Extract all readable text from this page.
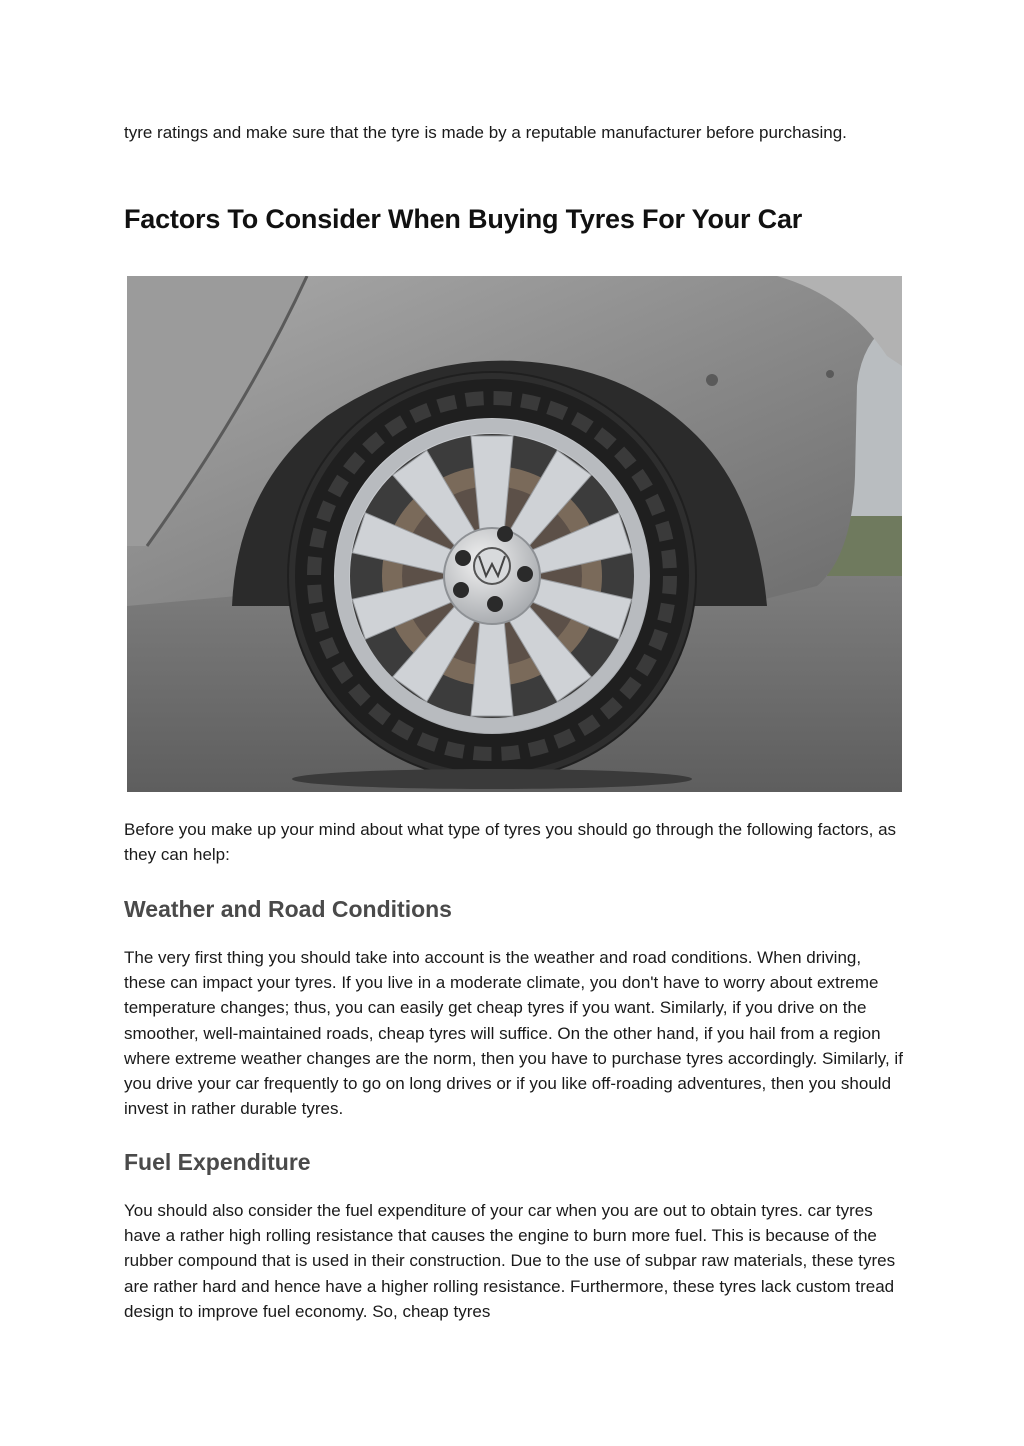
tyre ratings and make sure that the tyre is made by a reputable manufacturer before purchasing.

Factors To Consider When Buying Tyres For Your Car

Before you make up your mind about what type of tyres you should go through the following factors, as they can help:

Weather and Road Conditions

The very first thing you should take into account is the weather and road conditions. When driving, these can impact your tyres. If you live in a moderate climate, you don't have to worry about extreme temperature changes; thus, you can easily get cheap tyres if you want. Similarly, if you drive on the smoother, well-maintained roads, cheap tyres will suffice. On the other hand, if you hail from a region where extreme weather changes are the norm, then you have to purchase tyres accordingly. Similarly, if you drive your car frequently to go on long drives or if you like off-roading adventures, then you should invest in rather durable tyres.

Fuel Expenditure

You should also consider the fuel expenditure of your car when you are out to obtain tyres. car tyres have a rather high rolling resistance that causes the engine to burn more fuel. This is because of the rubber compound that is used in their construction. Due to the use of subpar raw materials, these tyres are rather hard and hence have a higher rolling resistance. Furthermore, these tyres lack custom tread design to improve fuel economy. So, cheap tyres
